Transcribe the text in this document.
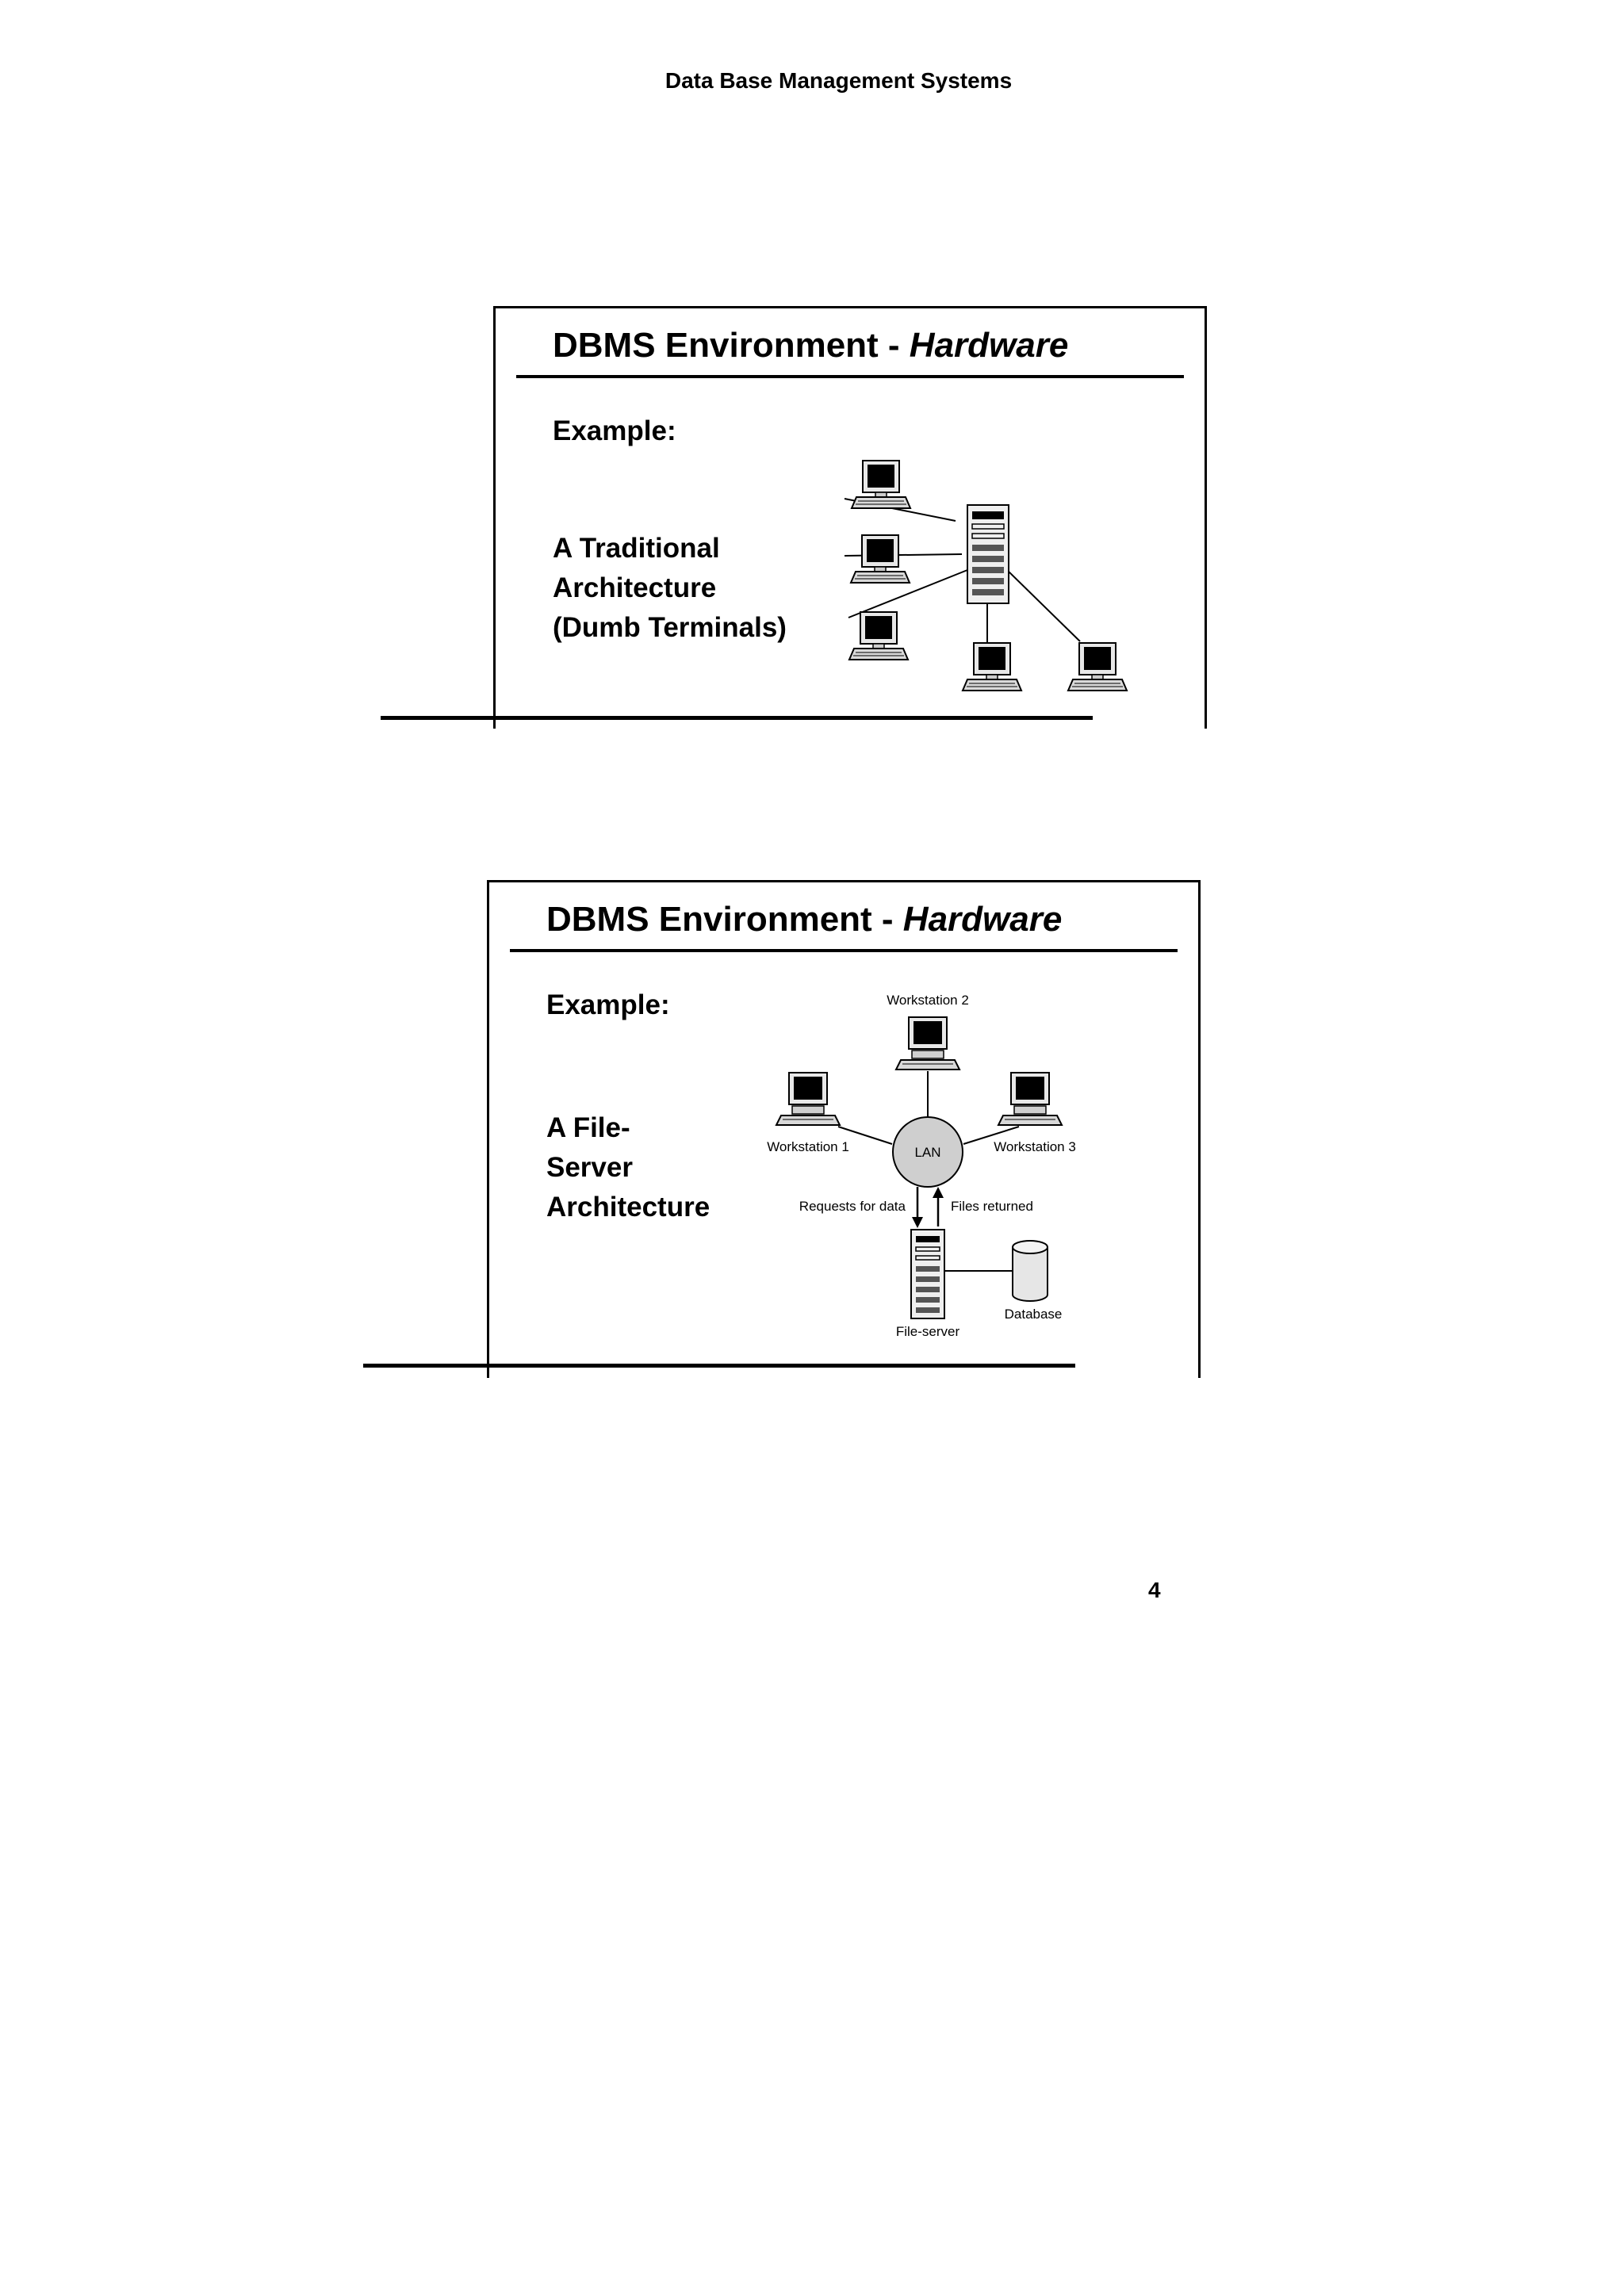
Data Base Management Systems
DBMS Environment - Hardware
Example:
A Traditional
Architecture
(Dumb Terminals)
DBMS Environment - Hardware
Example:
A File-
Server
Architecture
Workstation 2
Workstation 1	Workstation 3
LAN
Requests for data	Files returned
File-server
Database
4
